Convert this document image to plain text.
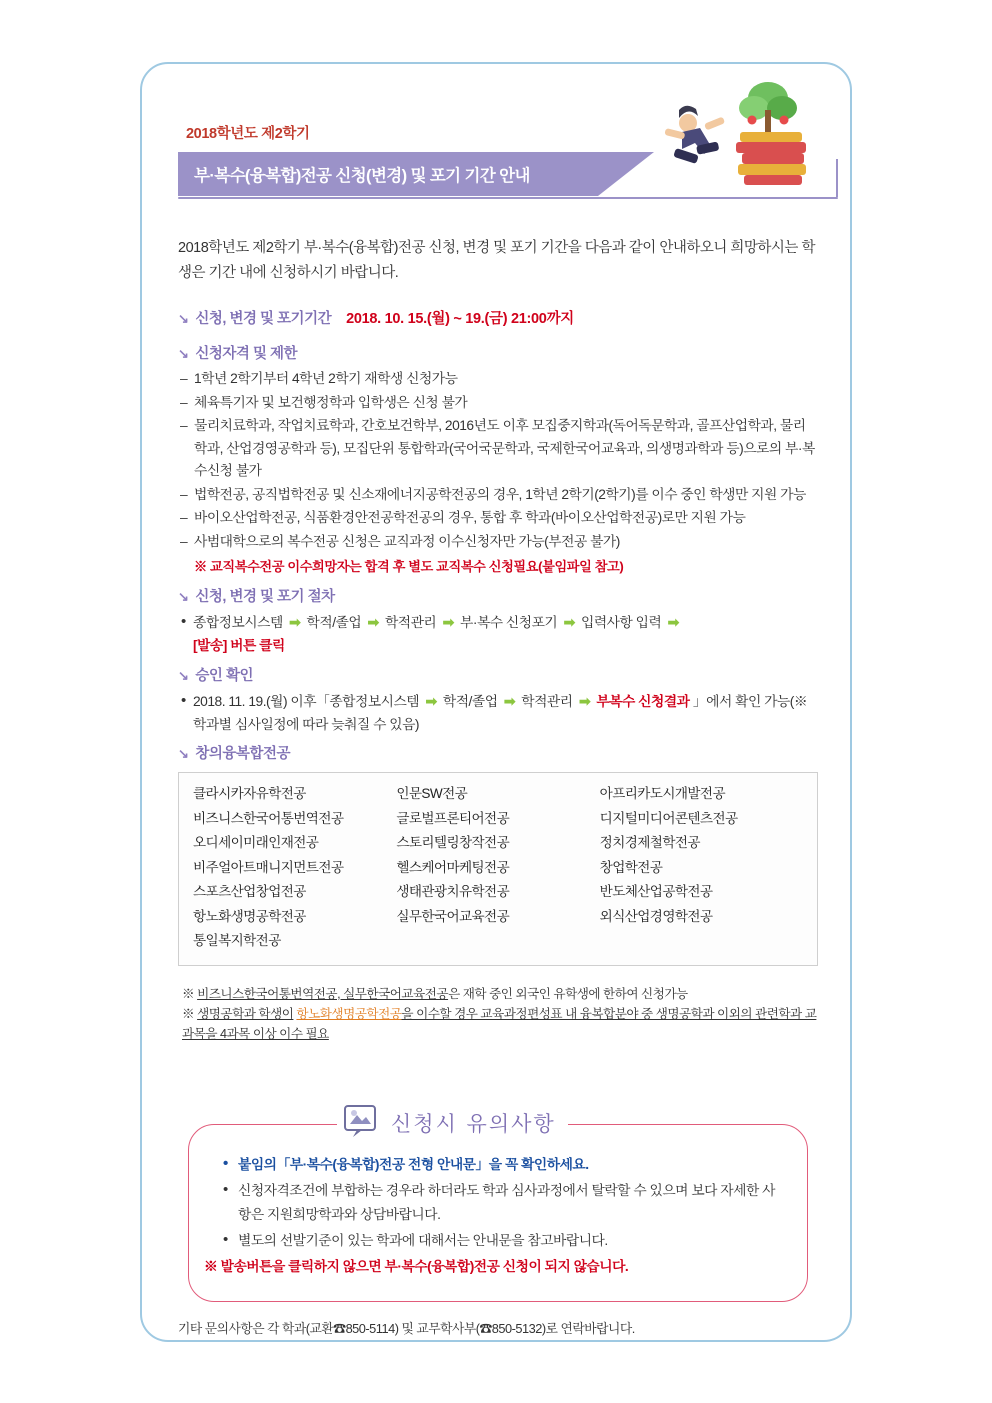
2018학년도 제2학기
부·복수(융복합)전공 신청(변경) 및 포기 기간 안내
2018학년도 제2학기 부·복수(융복합)전공 신청, 변경 및 포기 기간을 다음과 같이 안내하오니 희망하시는 학생은 기간 내에 신청하시기 바랍니다.
↘ 신청, 변경 및 포기기간 2018. 10. 15.(월) ~ 19.(금) 21:00까지
↘ 신청자격 및 제한
– 1학년 2학기부터 4학년 2학기 재학생 신청가능
– 체육특기자 및 보건행정학과 입학생은 신청 불가
– 물리치료학과, 작업치료학과, 간호보건학부, 2016년도 이후 모집중지학과(독어독문학과, 골프산업학과, 물리학과, 산업경영공학과 등), 모집단위 통합학과(국어국문학과, 국제한국어교육과, 의생명과학과 등)으로의 부·복수신청 불가
– 법학전공, 공직법학전공 및 신소재에너지공학전공의 경우, 1학년 2학기(2학기)를 이수 중인 학생만 지원 가능
– 바이오산업학전공, 식품환경안전공학전공의 경우, 통합 후 학과(바이오산업학전공)로만 지원 가능
– 사범대학으로의 복수전공 신청은 교직과정 이수신청자만 가능(부전공 불가)
※ 교직복수전공 이수희망자는 합격 후 별도 교직복수 신청필요(붙임파일 참고)
↘ 신청, 변경 및 포기 절차
• 종합정보시스템 ➡ 학적/졸업 ➡ 학적관리 ➡ 부·복수 신청포기 ➡ 입력사항 입력 ➡
[발송] 버튼 클릭
↘ 승인 확인
• 2018. 11. 19.(월) 이후「종합정보시스템 ➡ 학적/졸업 ➡ 학적관리 ➡ 부복수 신청결과 」에서 확인 가능(※학과별 심사일정에 따라 늦춰질 수 있음)
↘ 창의융복합전공
클라시카자유학전공	인문SW전공	아프리카도시개발전공
비즈니스한국어통번역전공	글로벌프론티어전공	디지털미디어콘텐츠전공
오디세이미래인재전공	스토리텔링창작전공	정치경제철학전공
비주얼아트매니지먼트전공	헬스케어마케팅전공	창업학전공
스포츠산업창업전공	생태관광치유학전공	반도체산업공학전공
항노화생명공학전공	실무한국어교육전공	외식산업경영학전공
통일복지학전공
※ 비즈니스한국어통번역전공, 실무한국어교육전공은 재학 중인 외국인 유학생에 한하여 신청가능
※ 생명공학과 학생이 항노화생명공학전공을 이수할 경우 교육과정편성표 내 융복합분야 중 생명공학과 이외의 관련학과 교과목을 4과목 이상 이수 필요
신청시 유의사항
• 붙임의「부·복수(융복합)전공 전형 안내문」을 꼭 확인하세요.
• 신청자격조건에 부합하는 경우라 하더라도 학과 심사과정에서 탈락할 수 있으며 보다 자세한 사항은 지원희망학과와 상담바랍니다.
• 별도의 선발기준이 있는 학과에 대해서는 안내문을 참고바랍니다.
※ 발송버튼을 클릭하지 않으면 부·복수(융복합)전공 신청이 되지 않습니다.
기타 문의사항은 각 학과(교환☎850-5114) 및 교무학사부(☎850-5132)로 연락바랍니다.
